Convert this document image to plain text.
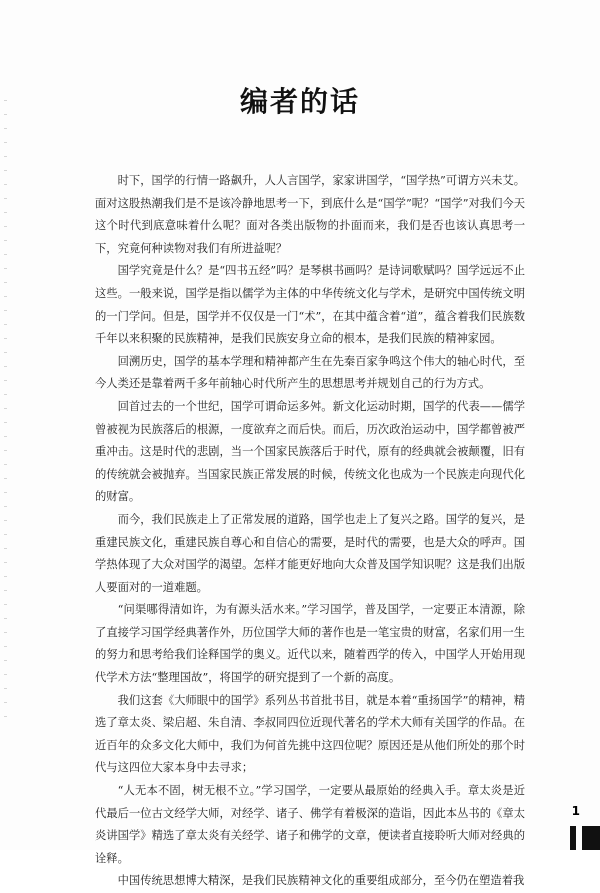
编者的话

时下，国学的行情一路飙升，人人言国学，家家讲国学，“国学热”可谓方兴未艾。面对这股热潮我们是不是该冷静地思考一下，到底什么是“国学”呢？“国学”对我们今天这个时代到底意味着什么呢？面对各类出版物的扑面而来，我们是否也该认真思考一下，究竟何种读物对我们有所进益呢？

国学究竟是什么？是“四书五经”吗？是琴棋书画吗？是诗词歌赋吗？国学远远不止这些。一般来说，国学是指以儒学为主体的中华传统文化与学术，是研究中国传统文明的一门学问。但是，国学并不仅仅是一门“术”，在其中蕴含着“道”，蕴含着我们民族数千年以来积聚的民族精神，是我们民族安身立命的根本，是我们民族的精神家园。

回溯历史，国学的基本学理和精神都产生在先秦百家争鸣这个伟大的轴心时代，至今人类还是靠着两千多年前轴心时代所产生的思想思考并规划自己的行为方式。

回首过去的一个世纪，国学可谓命运多舛。新文化运动时期，国学的代表——儒学曾被视为民族落后的根源，一度欲弃之而后快。而后，历次政治运动中，国学都曾被严重冲击。这是时代的悲剧，当一个国家民族落后于时代，原有的经典就会被颠覆，旧有的传统就会被抛弃。当国家民族正常发展的时候，传统文化也成为一个民族走向现代化的财富。

而今，我们民族走上了正常发展的道路，国学也走上了复兴之路。国学的复兴，是重建民族文化，重建民族自尊心和自信心的需要，是时代的需要，也是大众的呼声。国学热体现了大众对国学的渴望。怎样才能更好地向大众普及国学知识呢？这是我们出版人要面对的一道难题。

“问渠哪得清如许，为有源头活水来。”学习国学，普及国学，一定要正本清源，除了直接学习国学经典著作外，历位国学大师的著作也是一笔宝贵的财富，名家们用一生的努力和思考给我们诠释国学的奥义。近代以来，随着西学的传入，中国学人开始用现代学术方法“整理国故”，将国学的研究提到了一个新的高度。

我们这套《大师眼中的国学》系列丛书首批书目，就是本着“重扬国学”的精神，精选了章太炎、梁启超、朱自清、李叔同四位近现代著名的学术大师有关国学的作品。在近百年的众多文化大师中，我们为何首先挑中这四位呢？原因还是从他们所处的那个时代与这四位大家本身中去寻求；

“人无本不固，树无根不立。”学习国学，一定要从最原始的经典入手。章太炎是近代最后一位古文经学大师，对经学、诸子、佛学有着极深的造诣，因此本丛书的《章太炎讲国学》精选了章太炎有关经学、诸子和佛学的文章，便读者直接聆听大师对经典的诠释。

中国传统思想博大精深，是我们民族精神文化的重要组成部分，至今仍在塑造着我

1
